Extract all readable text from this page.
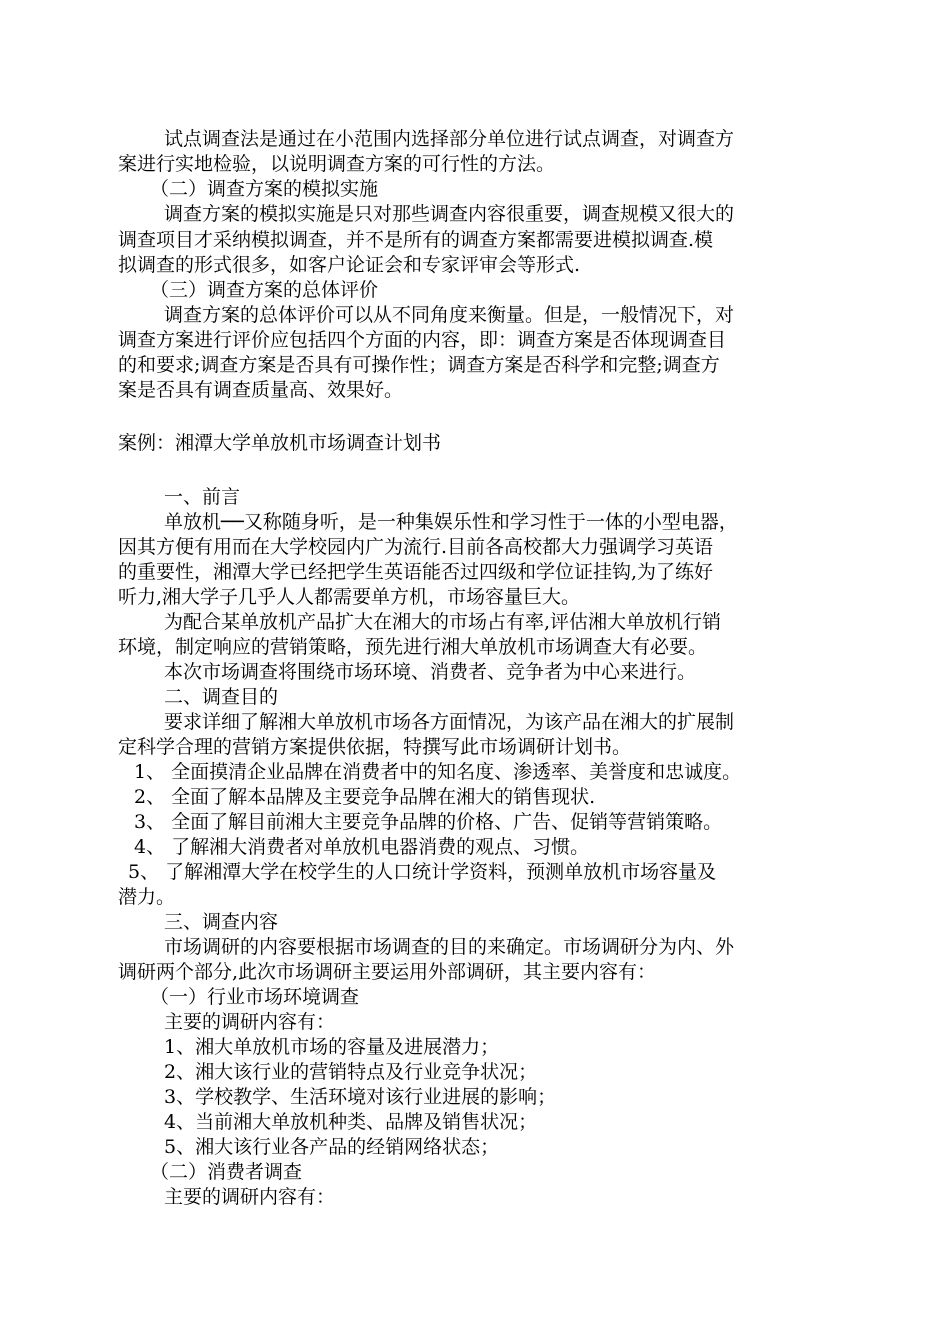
试点调查法是通过在小范围内选择部分单位进行试点调查，对调查方
案进行实地检验，以说明调查方案的可行性的方法。
（二）调查方案的模拟实施
调查方案的模拟实施是只对那些调查内容很重要，调查规模又很大的
调查项目才采纳模拟调查，并不是所有的调查方案都需要进模拟调查.模
拟调查的形式很多，如客户论证会和专家评审会等形式.
（三）调查方案的总体评价
调查方案的总体评价可以从不同角度来衡量。但是，一般情况下，对
调查方案进行评价应包括四个方面的内容，即：调查方案是否体现调查目
的和要求;调查方案是否具有可操作性；调查方案是否科学和完整;调查方
案是否具有调查质量高、效果好。
案例：湘潭大学单放机市场调查计划书
一、前言
单放机──又称随身听，是一种集娱乐性和学习性于一体的小型电器，
因其方便有用而在大学校园内广为流行.目前各高校都大力强调学习英语
的重要性，湘潭大学已经把学生英语能否过四级和学位证挂钩,为了练好
听力,湘大学子几乎人人都需要单方机，市场容量巨大。
为配合某单放机产品扩大在湘大的市场占有率,评估湘大单放机行销
环境，制定响应的营销策略，预先进行湘大单放机市场调查大有必要。
本次市场调查将围绕市场环境、消费者、竞争者为中心来进行。
二、调查目的
要求详细了解湘大单放机市场各方面情况，为该产品在湘大的扩展制
定科学合理的营销方案提供依据，特撰写此市场调研计划书。
1、 全面摸清企业品牌在消费者中的知名度、渗透率、美誉度和忠诚度。
2、 全面了解本品牌及主要竞争品牌在湘大的销售现状.
3、 全面了解目前湘大主要竞争品牌的价格、广告、促销等营销策略。
4、 了解湘大消费者对单放机电器消费的观点、习惯。
5、 了解湘潭大学在校学生的人口统计学资料，预测单放机市场容量及
潜力。
三、调查内容
市场调研的内容要根据市场调查的目的来确定。市场调研分为内、外
调研两个部分,此次市场调研主要运用外部调研，其主要内容有：
（一）行业市场环境调查
主要的调研内容有：
1、湘大单放机市场的容量及进展潜力；
2、湘大该行业的营销特点及行业竞争状况；
3、学校教学、生活环境对该行业进展的影响；
4、当前湘大单放机种类、品牌及销售状况；
5、湘大该行业各产品的经销网络状态；
（二）消费者调查
主要的调研内容有：
